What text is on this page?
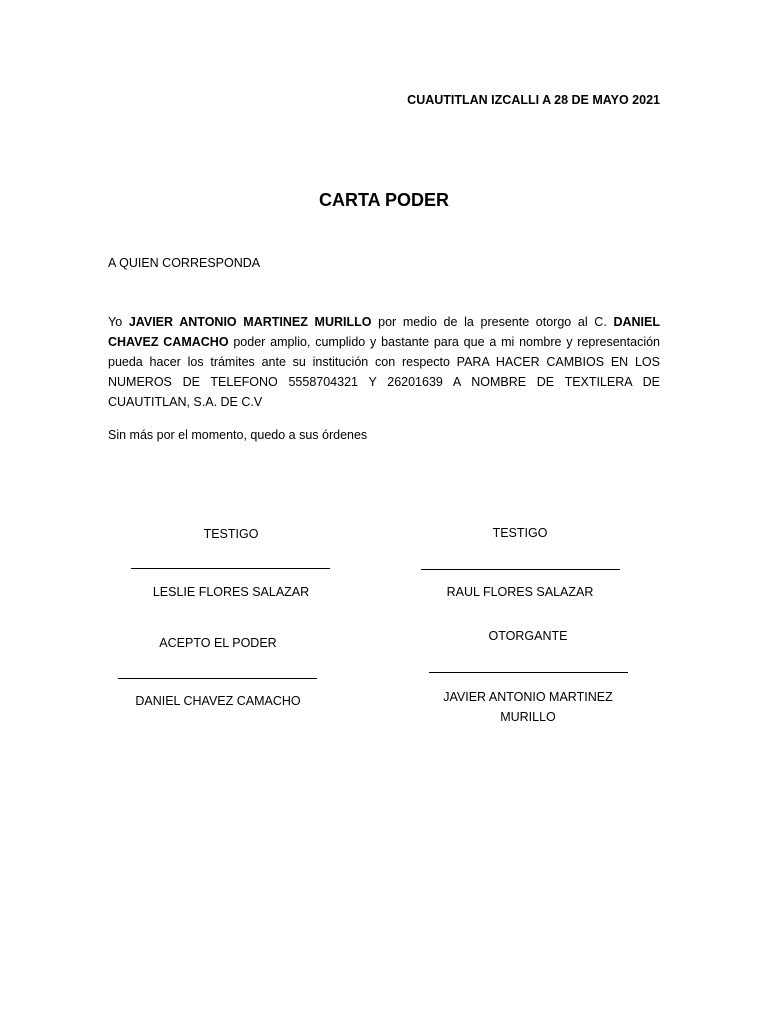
CUAUTITLAN IZCALLI A 28 DE MAYO 2021
CARTA PODER
A QUIEN CORRESPONDA
Yo JAVIER ANTONIO MARTINEZ MURILLO por medio de la presente otorgo al C. DANIEL CHAVEZ CAMACHO poder amplio, cumplido y bastante para que a mi nombre y representación pueda hacer los trámites ante su institución con respecto PARA HACER CAMBIOS EN LOS NUMEROS DE TELEFONO 5558704321 Y 26201639 A NOMBRE DE TEXTILERA DE CUAUTITLAN, S.A. DE C.V
Sin más por el momento, quedo a sus órdenes
TESTIGO
LESLIE FLORES SALAZAR
ACEPTO EL PODER
DANIEL CHAVEZ CAMACHO
TESTIGO
RAUL FLORES SALAZAR
OTORGANTE
JAVIER ANTONIO MARTINEZ
MURILLO
